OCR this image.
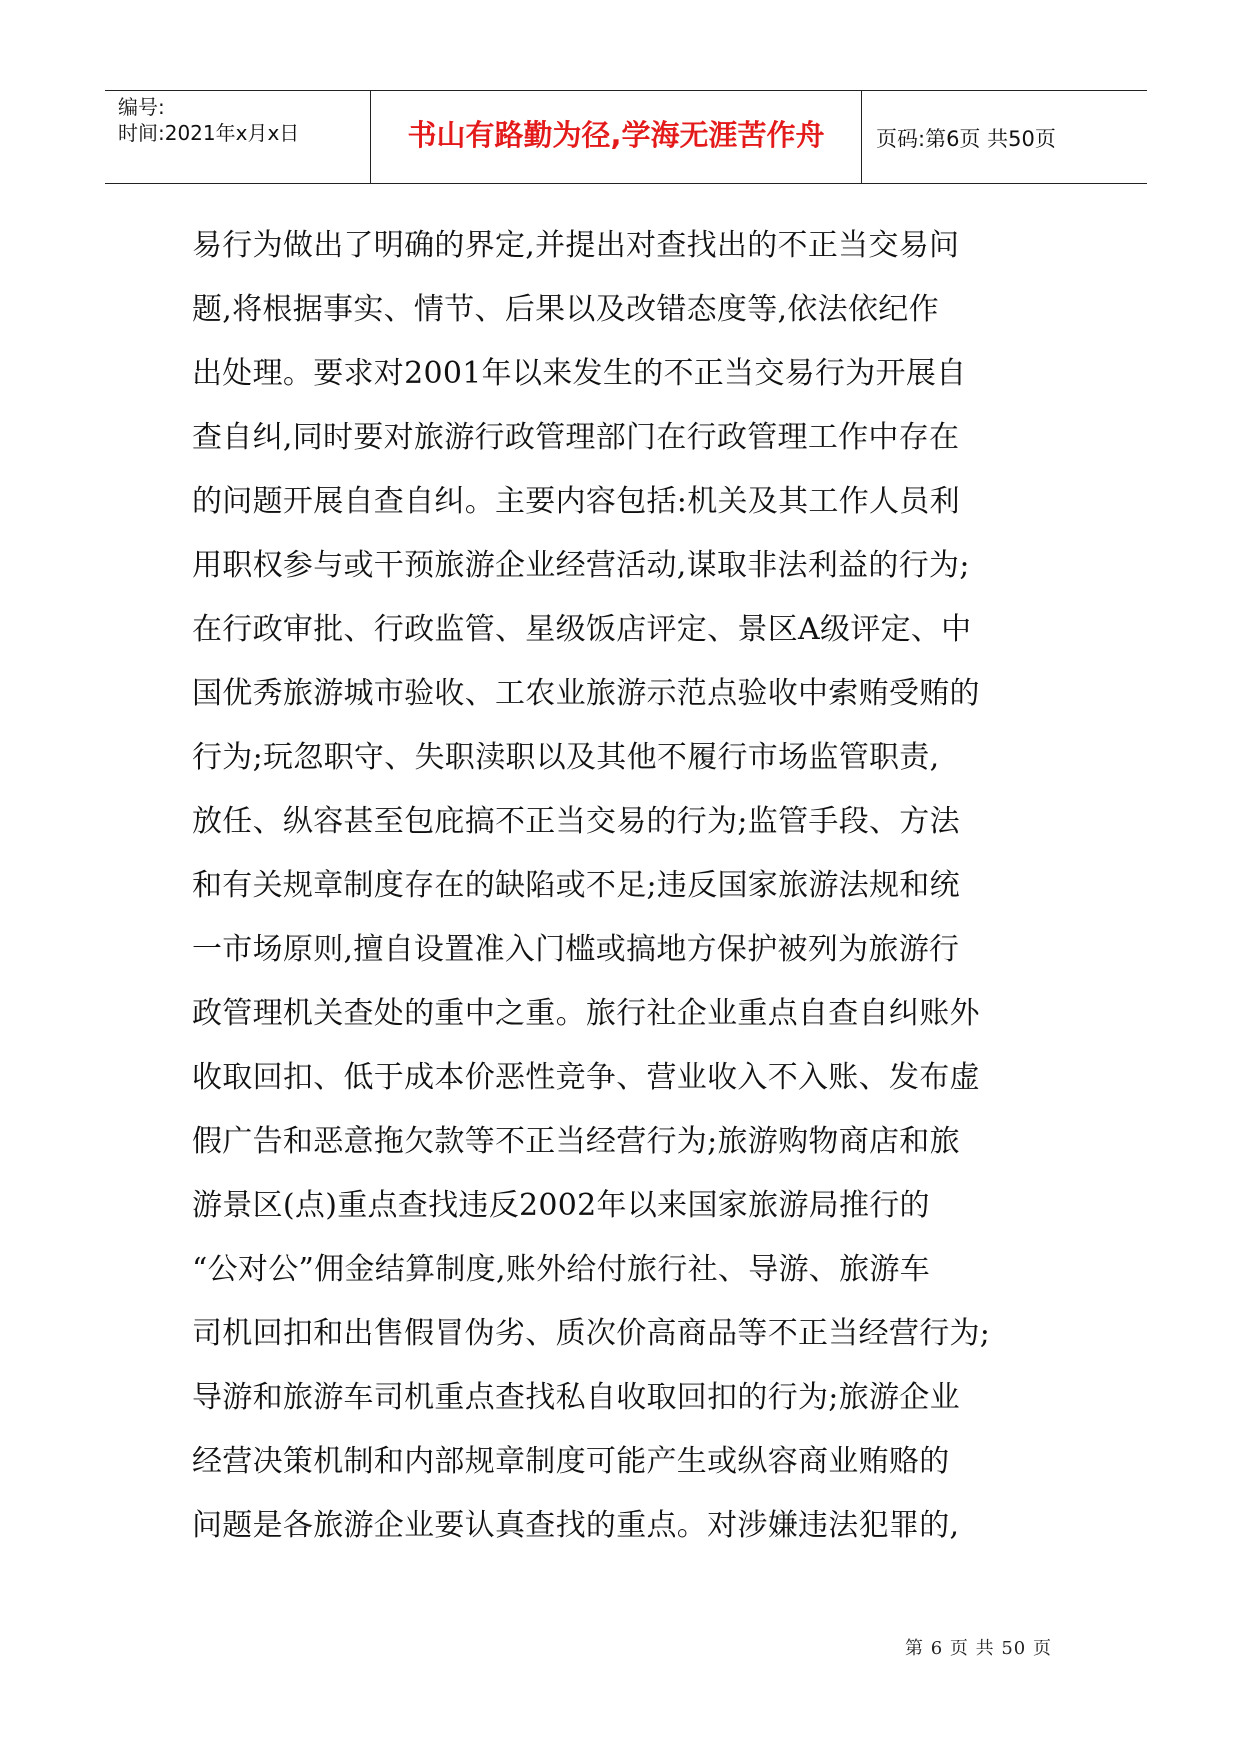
编号:
时间:2021年x月x日	书山有路勤为径,学海无涯苦作舟	页码:第6页 共50页
易行为做出了明确的界定,并提出对查找出的不正当交易问
题,将根据事实、情节、后果以及改错态度等,依法依纪作
出处理。要求对2001年以来发生的不正当交易行为开展自
查自纠,同时要对旅游行政管理部门在行政管理工作中存在
的问题开展自查自纠。主要内容包括:机关及其工作人员利
用职权参与或干预旅游企业经营活动,谋取非法利益的行为;
在行政审批、行政监管、星级饭店评定、景区A级评定、中
国优秀旅游城市验收、工农业旅游示范点验收中索贿受贿的
行为;玩忽职守、失职渎职以及其他不履行市场监管职责,
放任、纵容甚至包庇搞不正当交易的行为;监管手段、方法
和有关规章制度存在的缺陷或不足;违反国家旅游法规和统
一市场原则,擅自设置准入门槛或搞地方保护被列为旅游行
政管理机关查处的重中之重。旅行社企业重点自查自纠账外
收取回扣、低于成本价恶性竞争、营业收入不入账、发布虚
假广告和恶意拖欠款等不正当经营行为;旅游购物商店和旅
游景区(点)重点查找违反2002年以来国家旅游局推行的
“公对公”佣金结算制度,账外给付旅行社、导游、旅游车
司机回扣和出售假冒伪劣、质次价高商品等不正当经营行为;
导游和旅游车司机重点查找私自收取回扣的行为;旅游企业
经营决策机制和内部规章制度可能产生或纵容商业贿赂的
问题是各旅游企业要认真查找的重点。对涉嫌违法犯罪的,
第 6 页 共 50 页
